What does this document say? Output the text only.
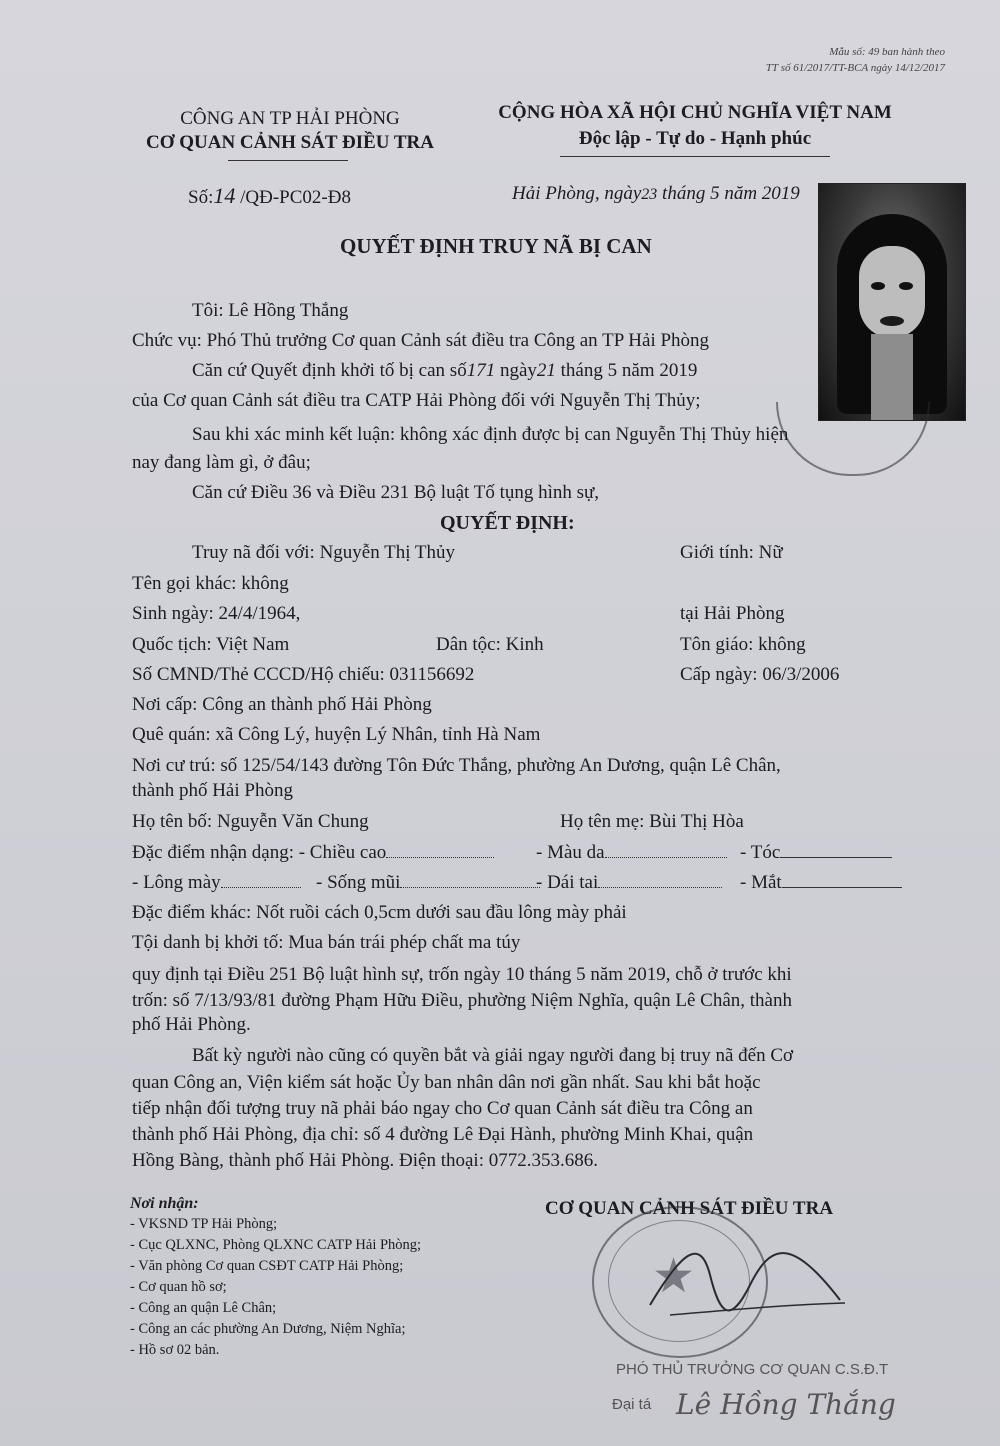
Mẫu số: 49 ban hành theo
TT số 61/2017/TT-BCA ngày 14/12/2017
CÔNG AN TP HẢI PHÒNG
CƠ QUAN CẢNH SÁT ĐIỀU TRA
Số:14 /QĐ-PC02-Đ8
CỘNG HÒA XÃ HỘI CHỦ NGHĨA VIỆT NAM
Độc lập - Tự do - Hạnh phúc
Hải Phòng, ngày23 tháng 5 năm 2019
QUYẾT ĐỊNH TRUY NÃ BỊ CAN
Tôi: Lê Hồng Thắng
Chức vụ: Phó Thủ trưởng Cơ quan Cảnh sát điều tra Công an TP Hải Phòng
Căn cứ Quyết định khởi tố bị can số171 ngày21 tháng 5 năm 2019
của Cơ quan Cảnh sát điều tra CATP Hải Phòng đối với Nguyễn Thị Thủy;
Sau khi xác minh kết luận: không xác định được bị can Nguyễn Thị Thủy hiện
nay đang làm gì, ở đâu;
Căn cứ Điều 36 và Điều 231 Bộ luật Tố tụng hình sự,
QUYẾT ĐỊNH:
Truy nã đối với: Nguyễn Thị Thủy	Giới tính: Nữ
Tên gọi khác: không
Sinh ngày: 24/4/1964,	tại Hải Phòng
Quốc tịch: Việt Nam	Dân tộc: Kinh	Tôn giáo: không
Số CMND/Thẻ CCCD/Hộ chiếu: 031156692	Cấp ngày: 06/3/2006
Nơi cấp: Công an thành phố Hải Phòng
Quê quán: xã Công Lý, huyện Lý Nhân, tỉnh Hà Nam
Nơi cư trú: số 125/54/143 đường Tôn Đức Thắng, phường An Dương, quận Lê Chân,
thành phố Hải Phòng
Họ tên bố: Nguyễn Văn Chung	Họ tên mẹ: Bùi Thị Hòa
Đặc điểm nhận dạng: - Chiều cao	- Màu da	- Tóc
- Lông mày	- Sống mũi	- Dái tai	- Mắt
Đặc điểm khác: Nốt ruồi cách 0,5cm dưới sau đầu lông mày phải
Tội danh bị khởi tố: Mua bán trái phép chất ma túy
quy định tại Điều 251 Bộ luật hình sự, trốn ngày 10 tháng 5 năm 2019, chỗ ở trước khi
trốn: số 7/13/93/81 đường Phạm Hữu Điều, phường Niệm Nghĩa, quận Lê Chân, thành
phố Hải Phòng.
Bất kỳ người nào cũng có quyền bắt và giải ngay người đang bị truy nã đến Cơ
quan Công an, Viện kiểm sát hoặc Ủy ban nhân dân nơi gần nhất. Sau khi bắt hoặc
tiếp nhận đối tượng truy nã phải báo ngay cho Cơ quan Cảnh sát điều tra Công an
thành phố Hải Phòng, địa chỉ: số 4 đường Lê Đại Hành, phường Minh Khai, quận
Hồng Bàng, thành phố Hải Phòng. Điện thoại: 0772.353.686.
Nơi nhận:
- VKSND TP Hải Phòng;
- Cục QLXNC, Phòng QLXNC CATP Hải Phòng;
- Văn phòng Cơ quan CSĐT CATP Hải Phòng;
- Cơ quan hồ sơ;
- Công an quận Lê Chân;
- Công an các phường An Dương, Niệm Nghĩa;
- Hồ sơ 02 bản.
CƠ QUAN CẢNH SÁT ĐIỀU TRA
★
PHÓ THỦ TRƯỞNG CƠ QUAN C.S.Đ.T
Đại tá Lê Hồng Thắng
